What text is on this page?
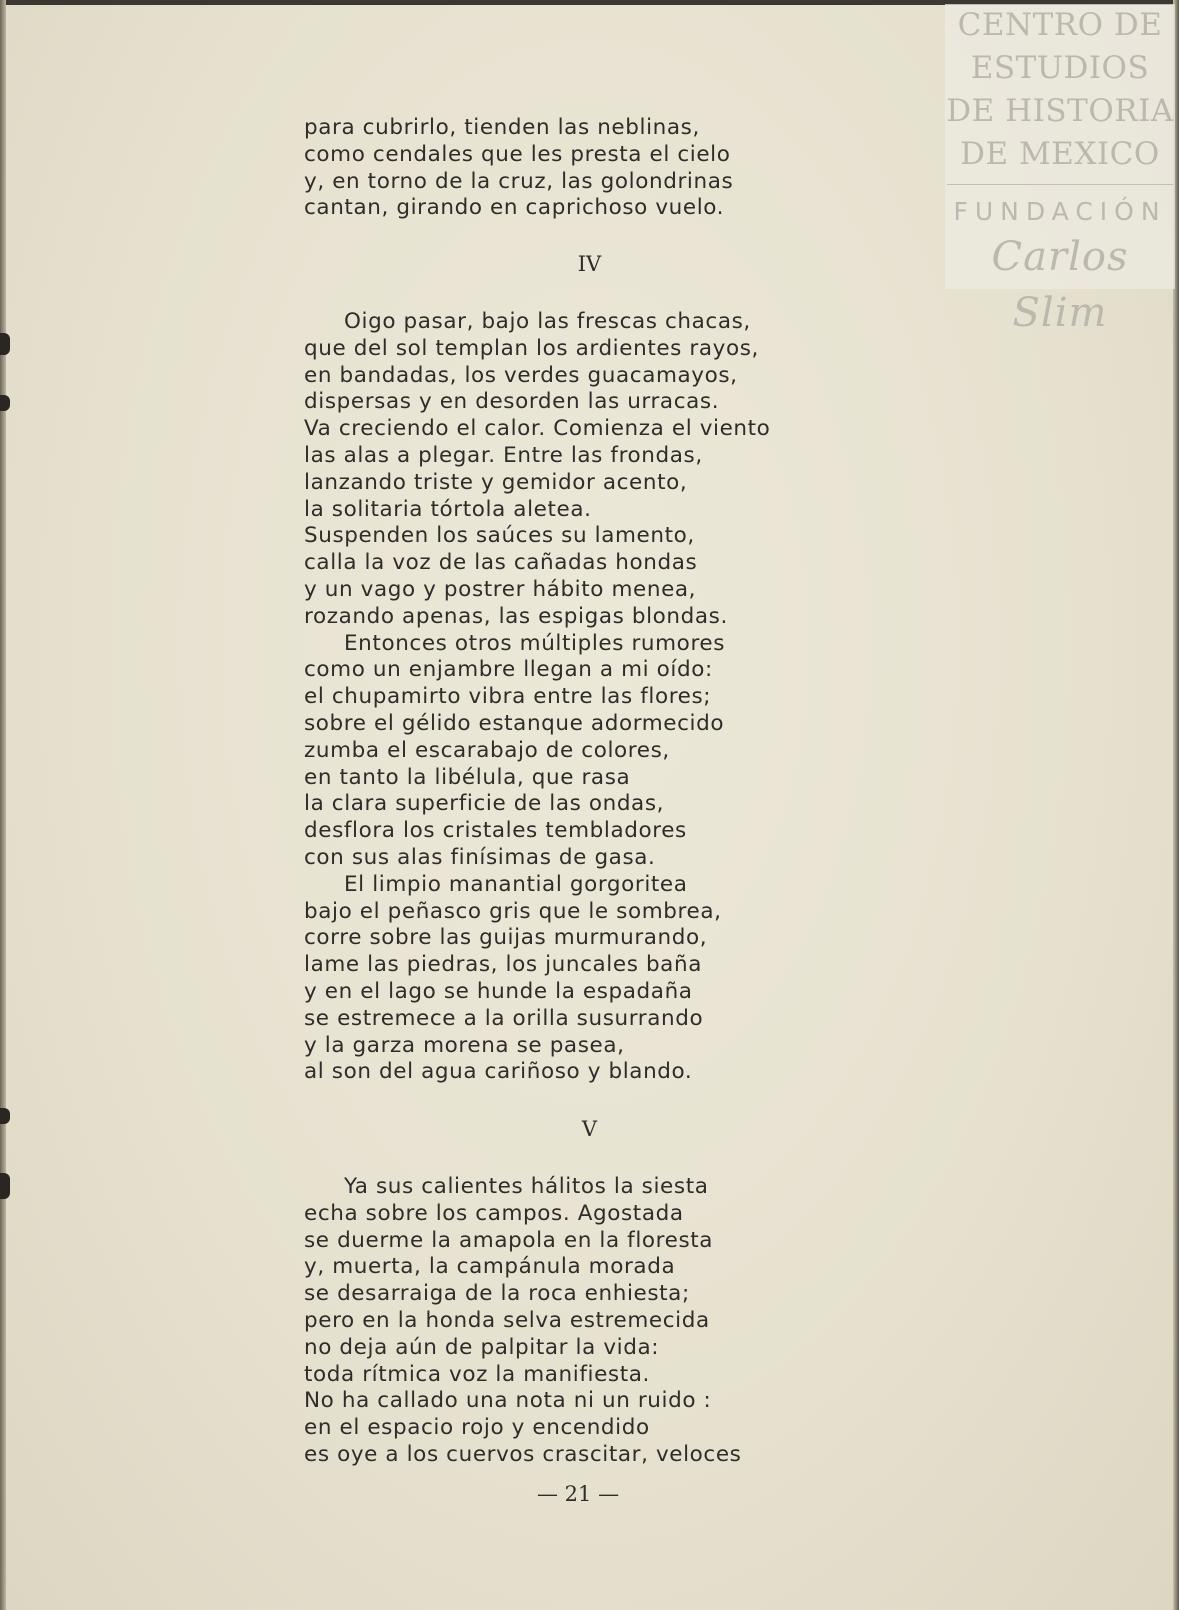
CENTRO DE
ESTUDIOS
DE HISTORIA
DE MEXICO
FUNDACIÓN
Carlos Slim
para cubrirlo, tienden las neblinas,
como cendales que les presta el cielo
y, en torno de la cruz, las golondrinas
cantan, girando en caprichoso vuelo.
IV
Oigo pasar, bajo las frescas chacas,
que del sol templan los ardientes rayos,
en bandadas, los verdes guacamayos,
dispersas y en desorden las urracas.
Va creciendo el calor. Comienza el viento
las alas a plegar. Entre las frondas,
lanzando triste y gemidor acento,
la solitaria tórtola aletea.
Suspenden los saúces su lamento,
calla la voz de las cañadas hondas
y un vago y postrer hábito menea,
rozando apenas, las espigas blondas.
Entonces otros múltiples rumores
como un enjambre llegan a mi oído:
el chupamirto vibra entre las flores;
sobre el gélido estanque adormecido
zumba el escarabajo de colores,
en tanto la libélula, que rasa
la clara superficie de las ondas,
desflora los cristales tembladores
con sus alas finísimas de gasa.
El limpio manantial gorgoritea
bajo el peñasco gris que le sombrea,
corre sobre las guijas murmurando,
lame las piedras, los juncales baña
y en el lago se hunde la espadaña
se estremece a la orilla susurrando
y la garza morena se pasea,
al son del agua cariñoso y blando.
V
Ya sus calientes hálitos la siesta
echa sobre los campos. Agostada
se duerme la amapola en la floresta
y, muerta, la campánula morada
se desarraiga de la roca enhiesta;
pero en la honda selva estremecida
no deja aún de palpitar la vida:
toda rítmica voz la manifiesta.
No ha callado una nota ni un ruido :
en el espacio rojo y encendido
es oye a los cuervos crascitar, veloces
— 21 —
